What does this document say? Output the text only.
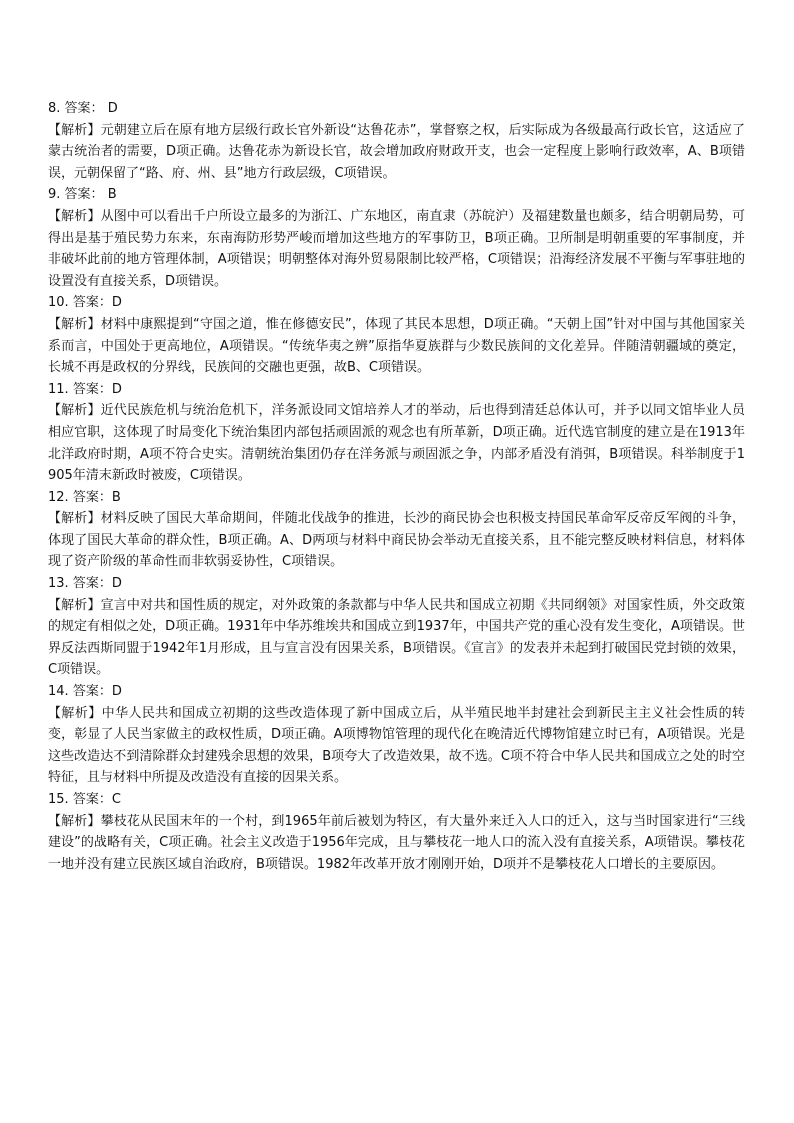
8. 答案： D

【解析】元朝建立后在原有地方层级行政长官外新设“达鲁花赤”，掌督察之权，后实际成为各级最高行政长官，这适应了蒙古统治者的需要，D项正确。达鲁花赤为新设长官，故会增加政府财政开支，也会一定程度上影响行政效率，A、B项错误，元朝保留了“路、府、州、县”地方行政层级，C项错误。

9. 答案： B

【解析】从图中可以看出千户所设立最多的为浙江、广东地区，南直隶（苏皖沪）及福建数量也颇多，结合明朝局势，可得出是基于殖民势力东来，东南海防形势严峻而增加这些地方的军事防卫，B项正确。卫所制是明朝重要的军事制度，并非破坏此前的地方管理体制，A项错误；明朝整体对海外贸易限制比较严格，C项错误；沿海经济发展不平衡与军事驻地的设置没有直接关系，D项错误。

10. 答案：D

【解析】材料中康熙提到“守国之道，惟在修德安民”，体现了其民本思想，D项正确。“天朝上国”针对中国与其他国家关系而言，中国处于更高地位，A项错误。“传统华夷之辨”原指华夏族群与少数民族间的文化差异。伴随清朝疆域的奠定，长城不再是政权的分界线，民族间的交融也更强，故B、C项错误。

11. 答案：D

【解析】近代民族危机与统治危机下，洋务派设同文馆培养人才的举动，后也得到清廷总体认可，并予以同文馆毕业人员相应官职，这体现了时局变化下统治集团内部包括顽固派的观念也有所革新，D项正确。近代选官制度的建立是在1913年北洋政府时期，A项不符合史实。清朝统治集团仍存在洋务派与顽固派之争，内部矛盾没有消弭，B项错误。科举制度于1905年清末新政时被废，C项错误。

12. 答案：B

【解析】材料反映了国民大革命期间，伴随北伐战争的推进，长沙的商民协会也积极支持国民革命军反帝反军阀的斗争，体现了国民大革命的群众性，B项正确。A、D两项与材料中商民协会举动无直接关系，且不能完整反映材料信息，材料体现了资产阶级的革命性而非软弱妥协性，C项错误。

13. 答案：D

【解析】宣言中对共和国性质的规定，对外政策的条款都与中华人民共和国成立初期《共同纲领》对国家性质，外交政策的规定有相似之处，D项正确。1931年中华苏维埃共和国成立到1937年，中国共产党的重心没有发生变化，A项错误。世界反法西斯同盟于1942年1月形成，且与宣言没有因果关系，B项错误。《宣言》的发表并未起到打破国民党封锁的效果，C项错误。

14. 答案：D

【解析】中华人民共和国成立初期的这些改造体现了新中国成立后，从半殖民地半封建社会到新民主主义社会性质的转变，彰显了人民当家做主的政权性质，D项正确。A项博物馆管理的现代化在晚清近代博物馆建立时已有，A项错误。光是这些改造达不到清除群众封建残余思想的效果，B项夸大了改造效果，故不选。C项不符合中华人民共和国成立之处的时空特征，且与材料中所提及改造没有直接的因果关系。

15. 答案：C

【解析】攀枝花从民国末年的一个村，到1965年前后被划为特区，有大量外来迁入人口的迁入，这与当时国家进行“三线建设”的战略有关，C项正确。社会主义改造于1956年完成，且与攀枝花一地人口的流入没有直接关系，A项错误。攀枝花一地并没有建立民族区域自治政府，B项错误。1982年改革开放才刚刚开始，D项并不是攀枝花人口增长的主要原因。
